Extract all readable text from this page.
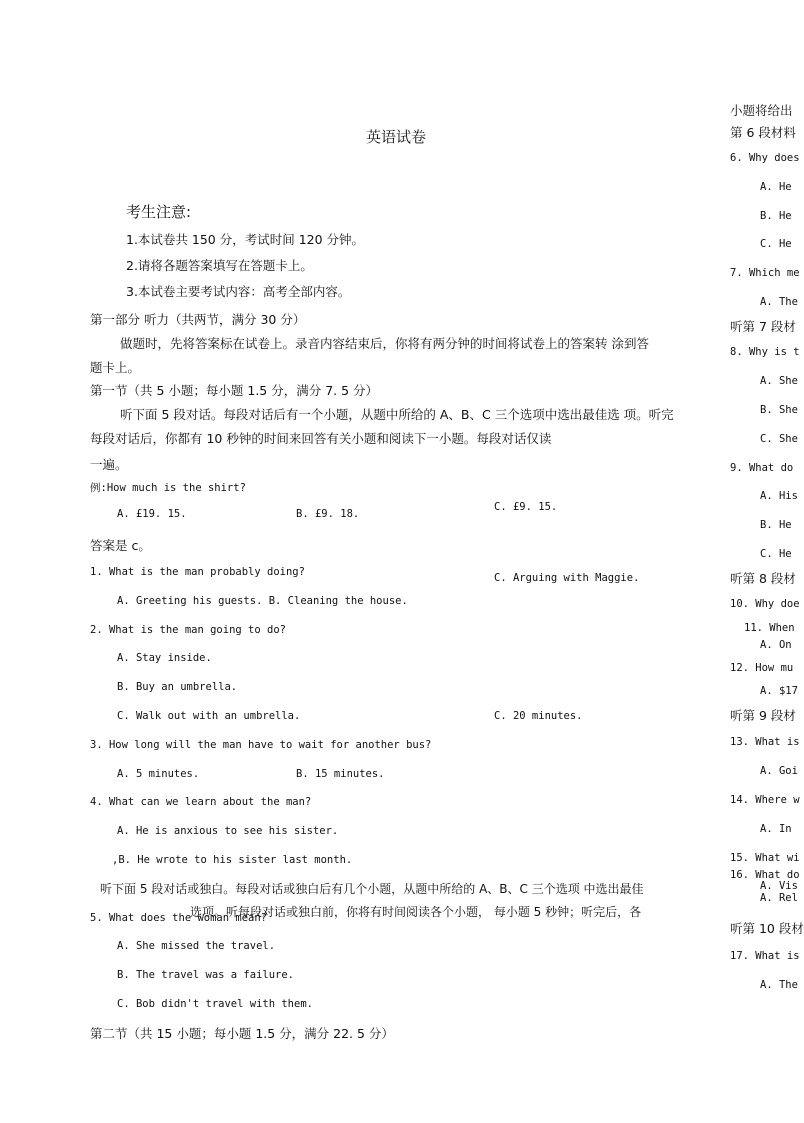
英语试卷
考生注意:
1.本试卷共 150 分，考试时间 120 分钟。
2.请将各题答案填写在答题卡上。
3.本试卷主要考试内容：高考全部内容。
第一部分 听力（共两节，满分 30 分）
做题时，先将答案标在试卷上。录音内容结束后，你将有两分钟的时间将试卷上的答案转 涂到答
题卡上。
第一节（共 5 小题；每小题 1.5 分，满分 7. 5 分）
听下面 5 段对话。每段对话后有一个小题，从题中所给的 A、B、C 三个选项中选出最佳选 项。听完
每段对话后，你都有 10 秒钟的时间来回答有关小题和阅读下一小题。每段对话仅读
一遍。
例:How much is the shirt?
A. £19. 15.	B. £9. 18.
C. £9. 15.
答案是 c。
1. What is the man probably doing?	C. Arguing with Maggie.
A. Greeting his guests. B. Cleaning the house.
2. What is the man going to do?
A. Stay inside.
B. Buy an umbrella.
C. Walk out with an umbrella.	C. 20 minutes.
3. How long will the man have to wait for another bus?
A. 5 minutes.	B. 15 minutes.
4. What can we learn about the man?
A. He is anxious to see his sister.
,B. He wrote to his sister last month.
听下面 5 段对话或独白。每段对话或独白后有几个小题，从题中所给的 A、B、C 三个选项 中选出最佳
选项。听每段对话或独白前，你将有时间阅读各个小题， 每小题 5 秒钟；听完后，各
5. What does the woman mean?
A. She missed the travel.
B. The travel was a failure.
C. Bob didn't travel with them.
第二节（共 15 小题；每小题 1.5 分，满分 22. 5 分）
小题将给出
第 6 段材料
6. Why does
A. He
B. He
C. He
7. Which me
A. The
听第 7 段材
8. Why is t
A. She
B. She
C. She
9. What do
A. His
B. He
C. He
听第 8 段材
10. Why doe
11. When
A. On
12. How mu
A. $17
听第 9 段材
13. What is
A. Goi
14. Where w
A. In
15. What wi
16. What do
A. Vis
A. Rel
听第 10 段材
17. What is
A. The
